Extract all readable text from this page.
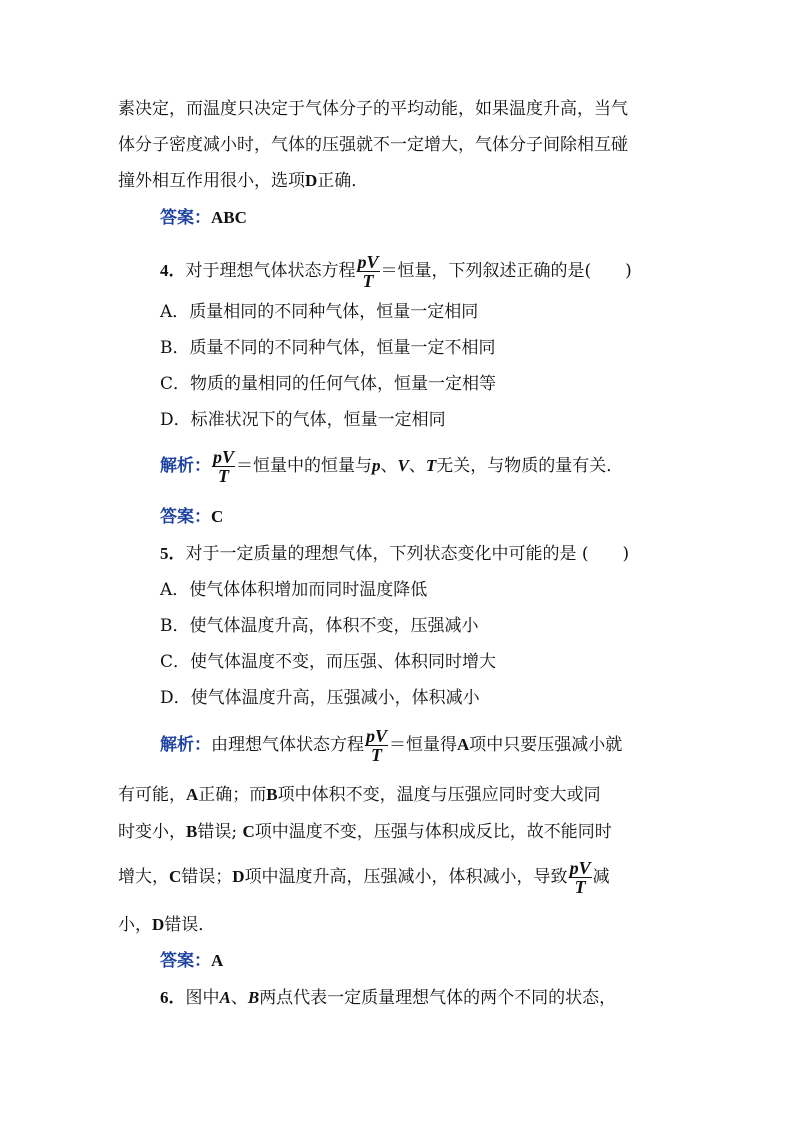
素决定，而温度只决定于气体分子的平均动能，如果温度升高，当气
体分子密度减小时，气体的压强就不一定增大，气体分子间除相互碰
撞外相互作用很小，选项D正确．
答案：ABC
4．对于理想气体状态方程 $\frac{pV}{T}$ ＝恒量，下列叙述正确的是(　　)
A．质量相同的不同种气体，恒量一定相同
B．质量不同的不同种气体，恒量一定不相同
C．物质的量相同的任何气体，恒量一定相等
D．标准状况下的气体，恒量一定相同
解析： $\frac{pV}{T}$ ＝恒量中的恒量与p、V、T无关，与物质的量有关．
答案：C
5．对于一定质量的理想气体，下列状态变化中可能的是 (　　)
A．使气体体积增加而同时温度降低
B．使气体温度升高，体积不变，压强减小
C．使气体温度不变，而压强、体积同时增大
D．使气体温度升高，压强减小，体积减小
解析：由理想气体状态方程 $\frac{pV}{T}$ ＝恒量得A项中只要压强减小就
有可能，A正确；而B项中体积不变，温度与压强应同时变大或同
时变小，B错误; C项中温度不变，压强与体积成反比，故不能同时
增大，C错误；D项中温度升高，压强减小，体积减小，导致 $\frac{pV}{T}$ 减
小，D错误．
答案：A
6．图中A、B两点代表一定质量理想气体的两个不同的状态，
